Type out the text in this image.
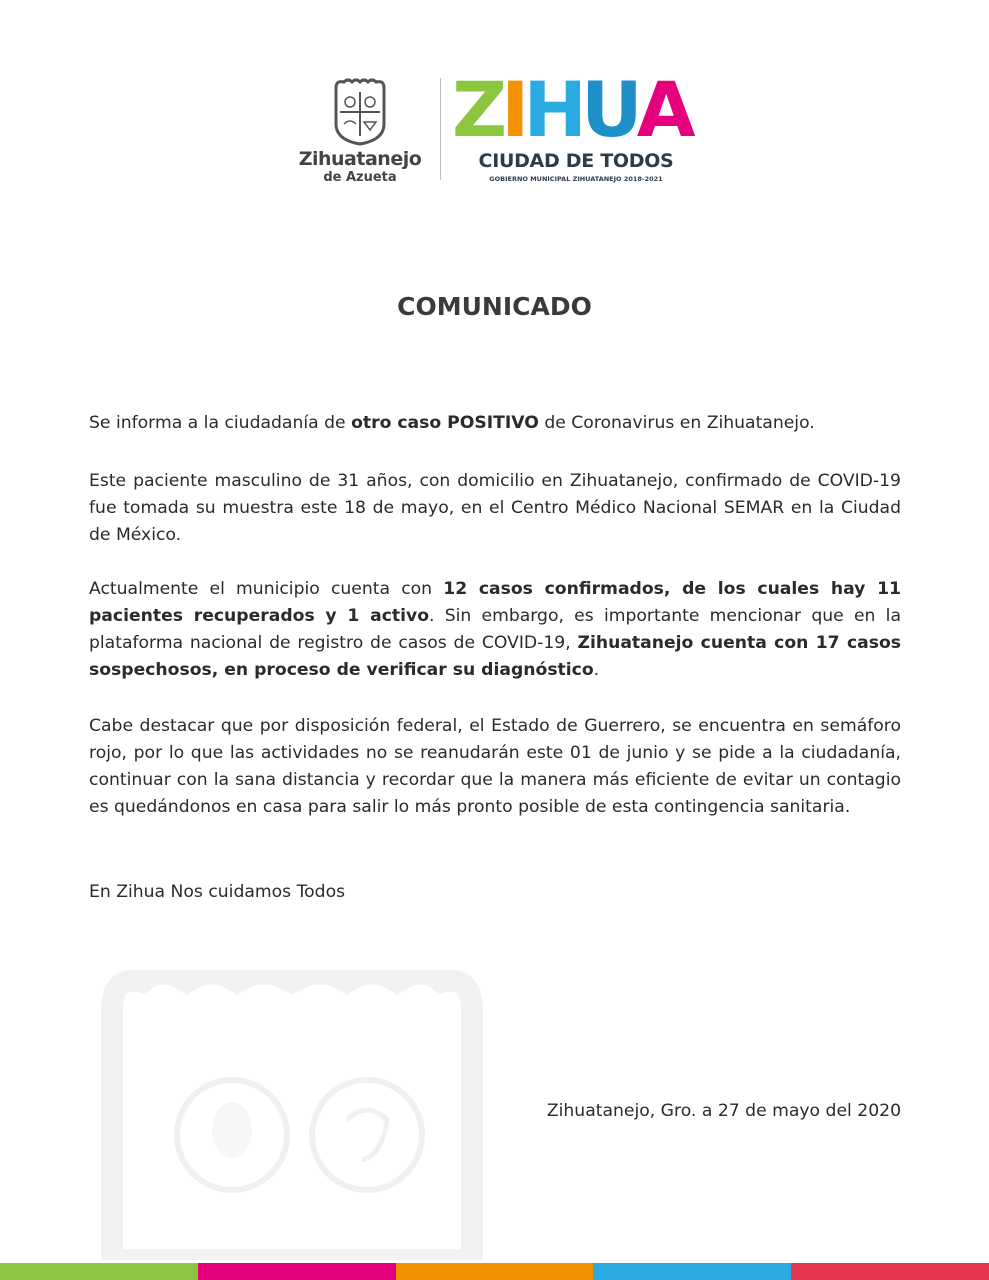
Zihuatanejo
de Azueta
ZIHUA
CIUDAD DE TODOS
GOBIERNO MUNICIPAL ZIHUATANEJO 2018-2021
COMUNICADO

Se informa a la ciudadanía de otro caso POSITIVO de Coronavirus en Zihuatanejo.

Este paciente masculino de 31 años, con domicilio en Zihuatanejo, confirmado de COVID-19 fue tomada su muestra este 18 de mayo, en el Centro Médico Nacional SEMAR en la Ciudad de México.

Actualmente el municipio cuenta con 12 casos confirmados, de los cuales hay 11 pacientes recuperados y 1 activo. Sin embargo, es importante mencionar que en la plataforma nacional de registro de casos de COVID-19, Zihuatanejo cuenta con 17 casos sospechosos, en proceso de verificar su diagnóstico.

Cabe destacar que por disposición federal, el Estado de Guerrero, se encuentra en semáforo rojo, por lo que las actividades no se reanudarán este 01 de junio y se pide a la ciudadanía, continuar con la sana distancia y recordar que la manera más eficiente de evitar un contagio es quedándonos en casa para salir lo más pronto posible de esta contingencia sanitaria.

En Zihua Nos cuidamos Todos

Zihuatanejo, Gro. a 27 de mayo del 2020
